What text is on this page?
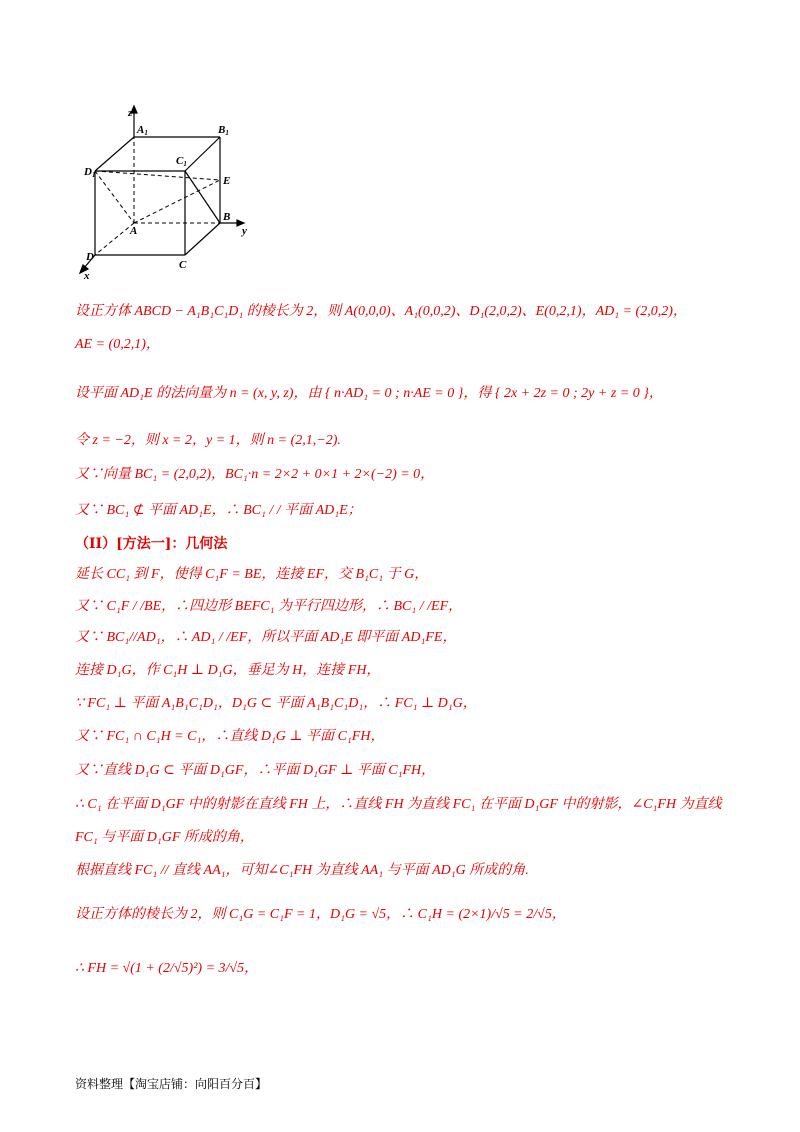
z
A1	B1
C1
D1	E
A
B
y
D
C
x
设正方体 ABCD − A₁B₁C₁D₁ 的棱长为 2，则 A(0,0,0)、A₁(0,0,2)、D₁(2,0,2)、E(0,2,1)，AD₁ = (2,0,2)，
AE = (0,2,1)，
设平面 AD₁E 的法向量为 n = (x, y, z)，由 { n·AD₁ = 0 ; n·AE = 0 }，得 { 2x + 2z = 0 ; 2y + z = 0 }，
令 z = −2，则 x = 2，y = 1，则 n = (2,1,−2).
又∵向量 BC₁ = (2,0,2)，BC₁·n = 2×2 + 0×1 + 2×(−2) = 0，
又∵ BC₁ ⊄ 平面 AD₁E，∴ BC₁ / / 平面 AD₁E；
（II）[方法一]：几何法
延长 CC₁ 到 F，使得 C₁F = BE，连接 EF，交 B₁C₁ 于 G，
又∵ C₁F / /BE，∴四边形 BEFC₁ 为平行四边形，∴ BC₁ / /EF，
又∵ BC₁//AD₁，∴ AD₁ / /EF，所以平面 AD₁E 即平面 AD₁FE，
连接 D₁G，作 C₁H ⊥ D₁G，垂足为 H，连接 FH，
∵ FC₁ ⊥ 平面 A₁B₁C₁D₁，D₁G ⊂ 平面 A₁B₁C₁D₁，∴ FC₁ ⊥ D₁G，
又∵ FC₁ ∩ C₁H = C₁，∴直线 D₁G ⊥ 平面 C₁FH，
又∵直线 D₁G ⊂ 平面 D₁GF，∴平面 D₁GF ⊥ 平面 C₁FH，
∴ C₁ 在平面 D₁GF 中的射影在直线 FH 上，∴直线 FH 为直线 FC₁ 在平面 D₁GF 中的射影，∠C₁FH 为直线
FC₁ 与平面 D₁GF 所成的角，
根据直线 FC₁ // 直线 AA₁，可知∠C₁FH 为直线 AA₁ 与平面 AD₁G 所成的角.
设正方体的棱长为 2，则 C₁G = C₁F = 1，D₁G = √5，∴ C₁H = (2×1)/√5 = 2/√5，
∴ FH = √(1 + (2/√5)²) = 3/√5，
资料整理【淘宝店铺：向阳百分百】
